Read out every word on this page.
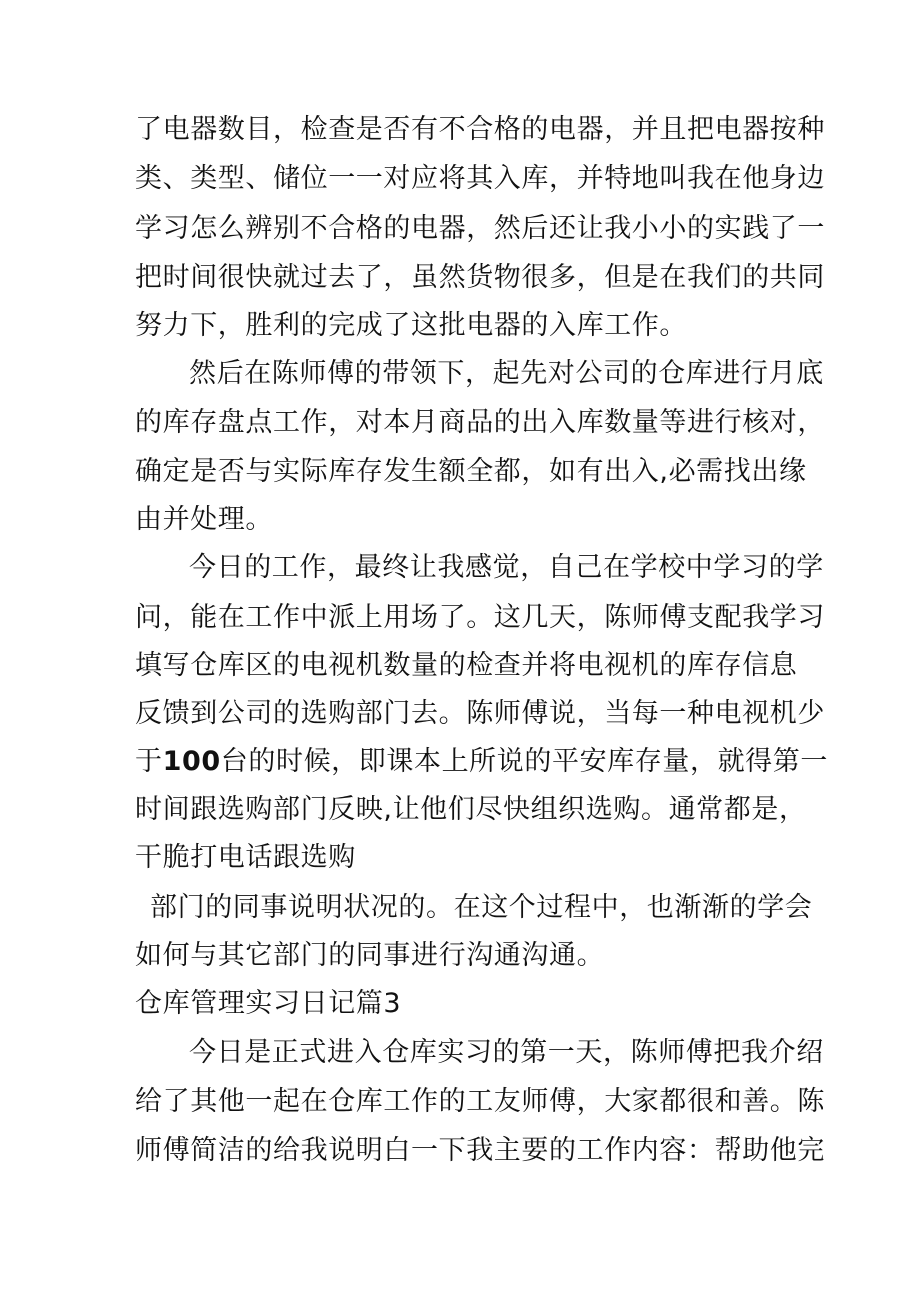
了电器数目，检查是否有不合格的电器，并且把电器按种
类、类型、储位一一对应将其入库，并特地叫我在他身边
学习怎么辨别不合格的电器，然后还让我小小的实践了一
把时间很快就过去了，虽然货物很多，但是在我们的共同
努力下，胜利的完成了这批电器的入库工作。
然后在陈师傅的带领下，起先对公司的仓库进行月底
的库存盘点工作，对本月商品的出入库数量等进行核对，
确定是否与实际库存发生额全都，如有出入,必需找出缘
由并处理。
今日的工作，最终让我感觉，自己在学校中学习的学
问，能在工作中派上用场了。这几天，陈师傅支配我学习
填写仓库区的电视机数量的检查并将电视机的库存信息
反馈到公司的选购部门去。陈师傅说，当每一种电视机少
于100台的时候，即课本上所说的平安库存量，就得第一
时间跟选购部门反映,让他们尽快组织选购。通常都是，
干脆打电话跟选购
部门的同事说明状况的。在这个过程中，也渐渐的学会
如何与其它部门的同事进行沟通沟通。
仓库管理实习日记篇3
今日是正式进入仓库实习的第一天，陈师傅把我介绍
给了其他一起在仓库工作的工友师傅，大家都很和善。陈
师傅简洁的给我说明白一下我主要的工作内容：帮助他完
